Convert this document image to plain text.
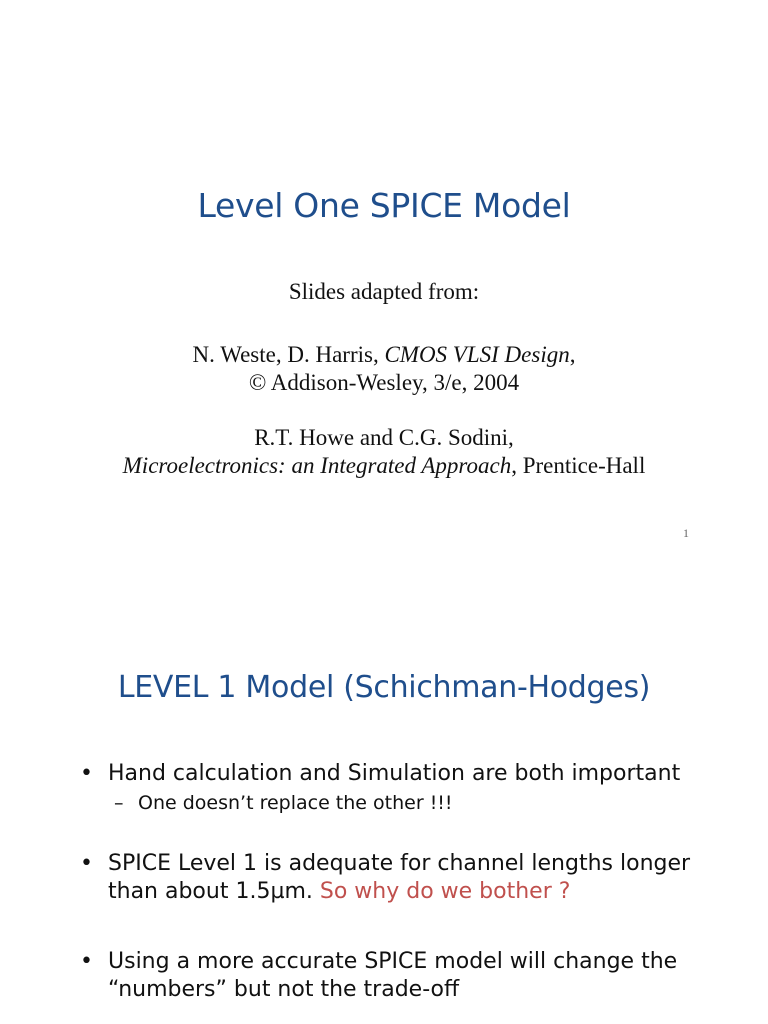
Level One SPICE Model
Slides adapted from:
N. Weste, D. Harris, CMOS VLSI Design,
© Addison-Wesley, 3/e, 2004
R.T. Howe and C.G. Sodini,
Microelectronics: an Integrated Approach, Prentice-Hall
1
LEVEL 1 Model (Schichman-Hodges)
• Hand calculation and Simulation are both important
– One doesn’t replace the other !!!
• SPICE Level 1 is adequate for channel lengths longer than about 1.5µm. So why do we bother ?
• Using a more accurate SPICE model will change the “numbers” but not the trade-off
